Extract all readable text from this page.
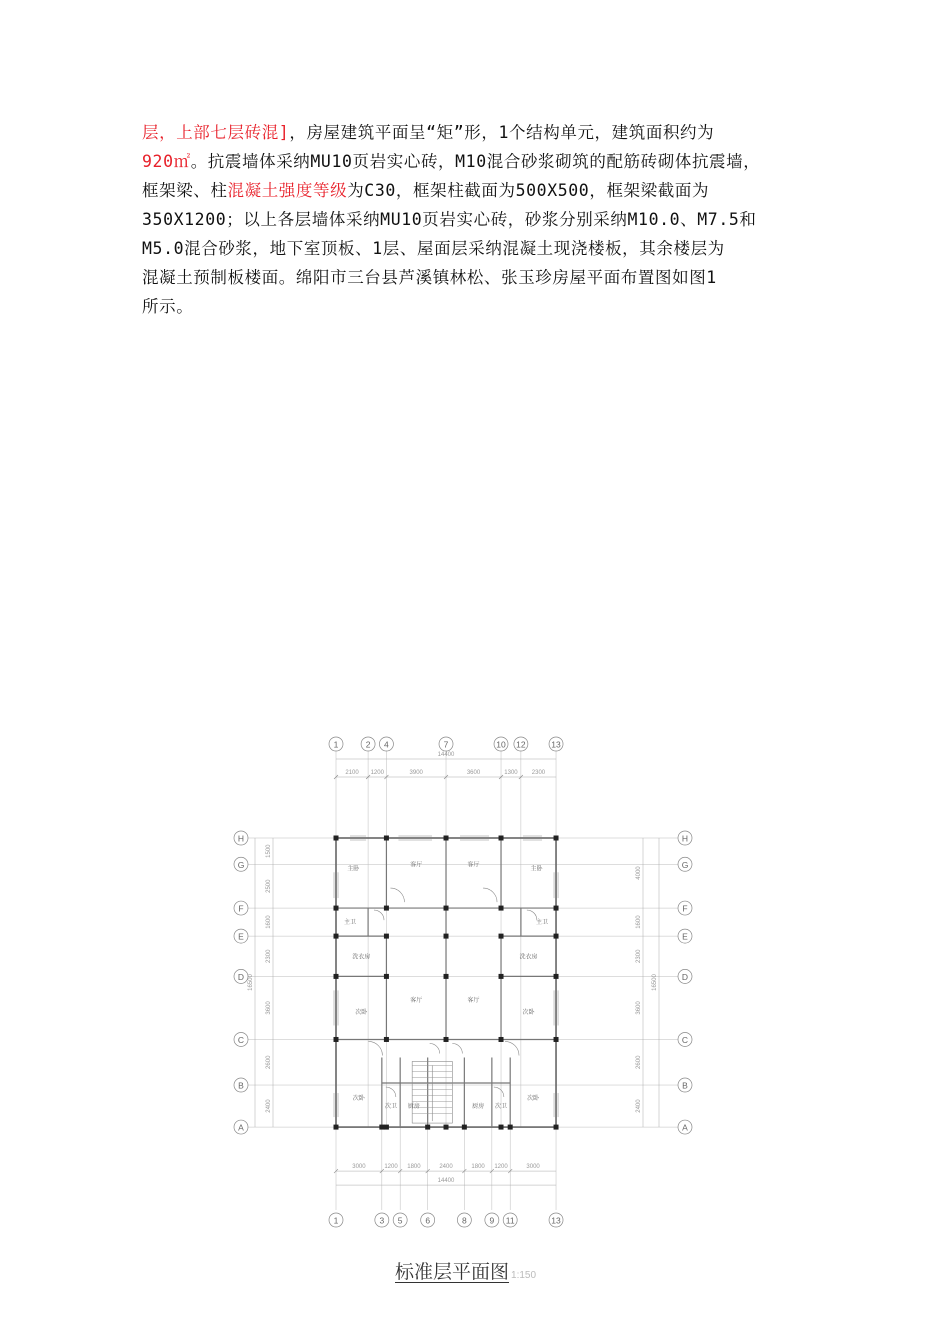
层，上部七层砖混]，房屋建筑平面呈“矩”形，1个结构单元，建筑面积约为
920㎡。抗震墙体采纳MU10页岩实心砖，M10混合砂浆砌筑的配筋砖砌体抗震墙，
框架梁、柱混凝土强度等级为C30，框架柱截面为500X500，框架梁截面为
350X1200；以上各层墙体采纳MU10页岩实心砖，砂浆分别采纳M10.0、M7.5和
M5.0混合砂浆，地下室顶板、1层、屋面层采纳混凝土现浇楼板，其余楼层为
混凝土预制板楼面。绵阳市三台县芦溪镇林松、张玉珍房屋平面布置图如图1
所示。
主卧	主卧
客厅	客厅
主卫	主卫
洗衣房	洗衣房
客厅	客厅
次卧	次卧
次卧	次卧
次卫	次卫
厨房	厨房
14400
2100 1200	3900	3600	1300 2300
1	2 4	7	10 12	13
3000	1200 1800	2400	1800 1200	3000
14400
1	3 5	6	8	9 11	13
1500
2500
1600
2300
3600
2600
2400
16500
4000
1600
2300
3600
2600
2400
16500
H	H
G	G
F	F
E	E
D	D
C	C
B	B
A	A
标准层平面图 1:150
